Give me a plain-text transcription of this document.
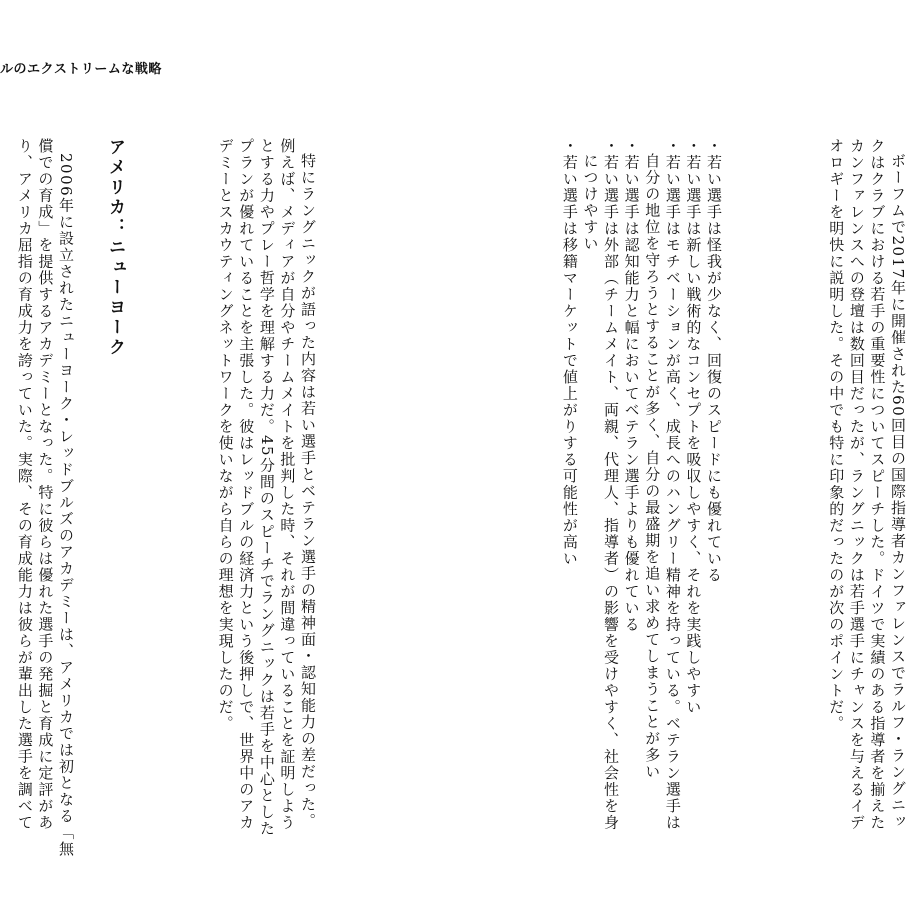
ルのエクストリームな戦略

ボーフムで2017年に開催された60回目の国際指導者カンファレンスでラルフ・ラングニックはクラブにおける若手の重要性についてスピーチした。ドイツで実績のある指導者を揃えたカンファレンスへの登壇は数回目だったが、ラングニックは若手選手にチャンスを与えるイデオロギーを明快に説明した。その中でも特に印象的だったのが次のポイントだ。

・ 若い選手は怪我が少なく、回復のスピードにも優れている
・ 若い選手は新しい戦術的なコンセプトを吸収しやすく、それを実践しやすい
・ 若い選手はモチベーションが高く、成長へのハングリー精神を持っている。ベテラン選手は自分の地位を守ろうとすることが多く、自分の最盛期を追い求めてしまうことが多い
・ 若い選手は認知能力と幅においてベテラン選手よりも優れている
・ 若い選手は外部（チームメイト、両親、代理人、指導者）の影響を受けやすく、社会性を身につけやすい
・ 若い選手は移籍マーケットで値上がりする可能性が高い

特にラングニックが語った内容は若い選手とベテラン選手の精神面・認知能力の差だった。例えば、メディアが自分やチームメイトを批判した時、それが間違っていることを証明しようとする力やプレー哲学を理解する力だ。45分間のスピーチでラングニックは若手を中心としたプランが優れていることを主張した。彼はレッドブルの経済力という後押しで、世界中のアカデミーとスカウティングネットワークを使いながら自らの理想を実現したのだ。

アメリカ：ニューヨーク

2006年に設立されたニューヨーク・レッドブルズのアカデミーは、アメリカでは初となる「無償での育成」を提供するアカデミーとなった。特に彼らは優れた選手の発掘と育成に定評があり、アメリカ屈指の育成力を誇っていた。実際、その育成能力は彼らが輩出した選手を調べて
